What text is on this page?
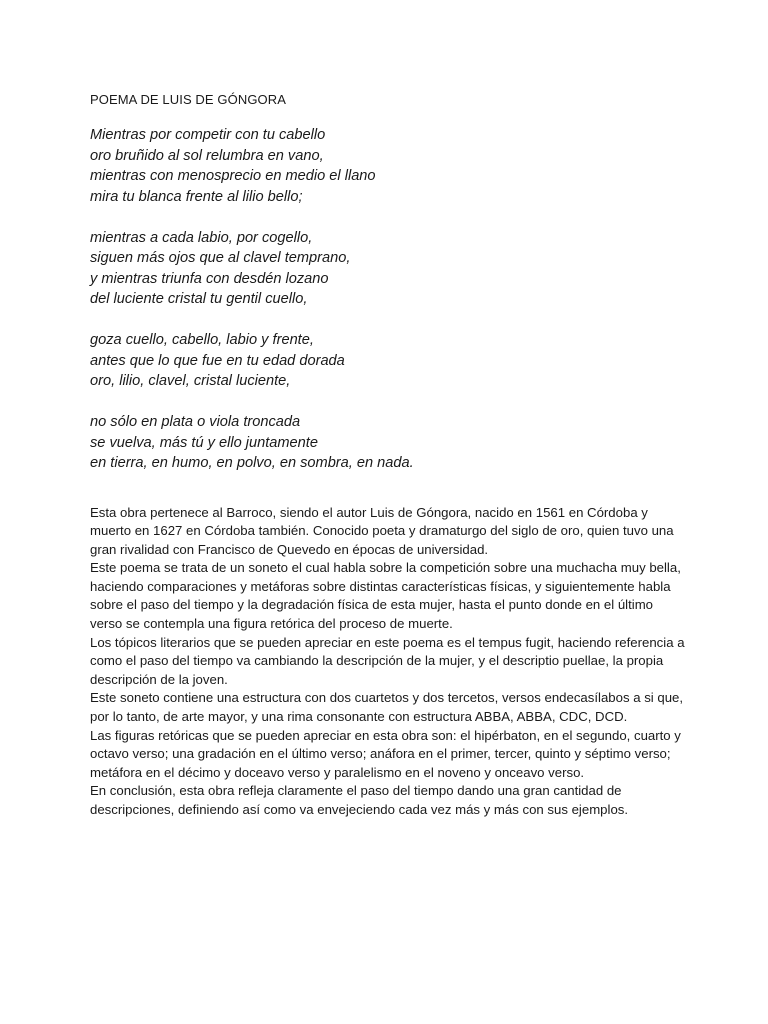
POEMA DE LUIS DE GÓNGORA
Mientras por competir con tu cabello
oro bruñido al sol relumbra en vano,
mientras con menosprecio en medio el llano
mira tu blanca frente al lilio bello;
mientras a cada labio, por cogello,
siguen más ojos que al clavel temprano,
y mientras triunfa con desdén lozano
del luciente cristal tu gentil cuello,
goza cuello, cabello, labio y frente,
antes que lo que fue en tu edad dorada
oro, lilio, clavel, cristal luciente,
no sólo en plata o viola troncada
se vuelva, más tú y ello juntamente
en tierra, en humo, en polvo, en sombra, en nada.

Esta obra pertenece al Barroco, siendo el autor Luis de Góngora, nacido en 1561 en Córdoba y muerto en 1627 en Córdoba también. Conocido poeta y dramaturgo del siglo de oro, quien tuvo una gran rivalidad con Francisco de Quevedo en épocas de universidad.

Este poema se trata de un soneto el cual habla sobre la competición sobre una muchacha muy bella, haciendo comparaciones y metáforas sobre distintas características físicas, y siguientemente habla sobre el paso del tiempo y la degradación física de esta mujer, hasta el punto donde en el último verso se contempla una figura retórica del proceso de muerte.

Los tópicos literarios que se pueden apreciar en este poema es el tempus fugit, haciendo referencia a como el paso del tiempo va cambiando la descripción de la mujer, y el descriptio puellae, la propia descripción de la joven.

Este soneto contiene una estructura con dos cuartetos y dos tercetos, versos endecasílabos a si que, por lo tanto, de arte mayor, y una rima consonante con estructura ABBA, ABBA, CDC, DCD.

Las figuras retóricas que se pueden apreciar en esta obra son: el hipérbaton, en el segundo, cuarto y octavo verso; una gradación en el último verso; anáfora en el primer, tercer, quinto y séptimo verso; metáfora en el décimo y doceavo verso y paralelismo en el noveno y onceavo verso.

En conclusión, esta obra refleja claramente el paso del tiempo dando una gran cantidad de descripciones, definiendo así como va envejeciendo cada vez más y más con sus ejemplos.
